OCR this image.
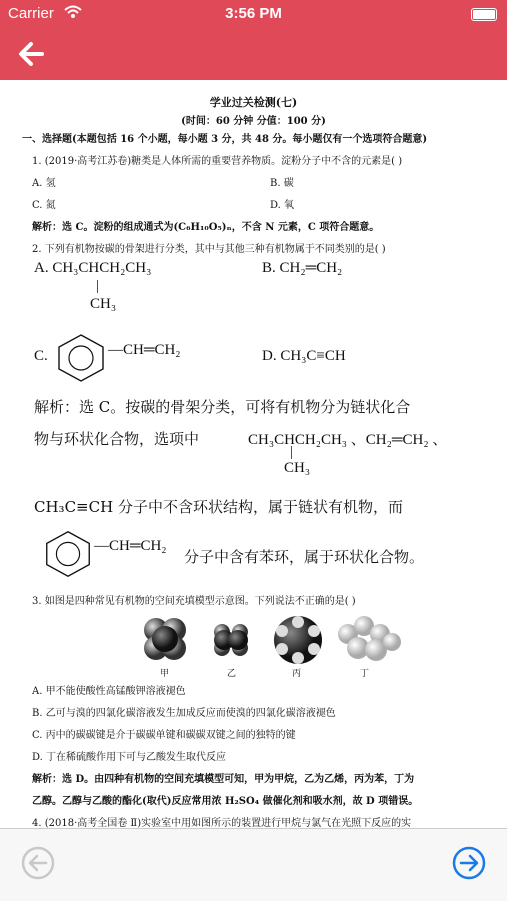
Carrier	3:56 PM
学业过关检测(七)
(时间：60 分钟 分值：100 分)
一、选择题(本题包括 16 个小题，每小题 3 分，共 48 分。每小题仅有一个选项符合题意)
1. (2019·高考江苏卷)糖类是人体所需的重要营养物质。淀粉分子中不含的元素是( )
A. 氢	B. 碳
C. 氮	D. 氧
解析：选 C。淀粉的组成通式为(C₆H₁₀O₅)ₙ，不含 N 元素，C 项符合题意。
2. 下列有机物按碳的骨架进行分类，其中与其他三种有机物属于不同类别的是( )
A. CH₃CHCH₂CH₃
|
CH₃
B. CH₂═CH₂
C.	—CH═CH₂	D. CH₃C≡CH
解析：选 C。按碳的骨架分类，可将有机物分为链状化合
物与环状化合物，选项中	CH₃CHCH₂CH₃ 、CH₂═CH₂ 、
|
CH₃
CH₃C≡CH 分子中不含环状结构，属于链状有机物，而
—CH═CH₂
分子中含有苯环，属于环状化合物。
3. 如图是四种常见有机物的空间充填模型示意图。下列说法不正确的是( )
甲	乙	丙	丁
A. 甲不能使酸性高锰酸钾溶液褪色
B. 乙可与溴的四氯化碳溶液发生加成反应而使溴的四氯化碳溶液褪色
C. 丙中的碳碳键是介于碳碳单键和碳碳双键之间的独特的键
D. 丁在稀硫酸作用下可与乙酸发生取代反应
解析：选 D。由四种有机物的空间充填模型可知，甲为甲烷，乙为乙烯，丙为苯，丁为
乙醇。乙醇与乙酸的酯化(取代)反应常用浓 H₂SO₄ 做催化剂和吸水剂，故 D 项错误。
4. (2018·高考全国卷 Ⅱ)实验室中用如图所示的装置进行甲烷与氯气在光照下反应的实
